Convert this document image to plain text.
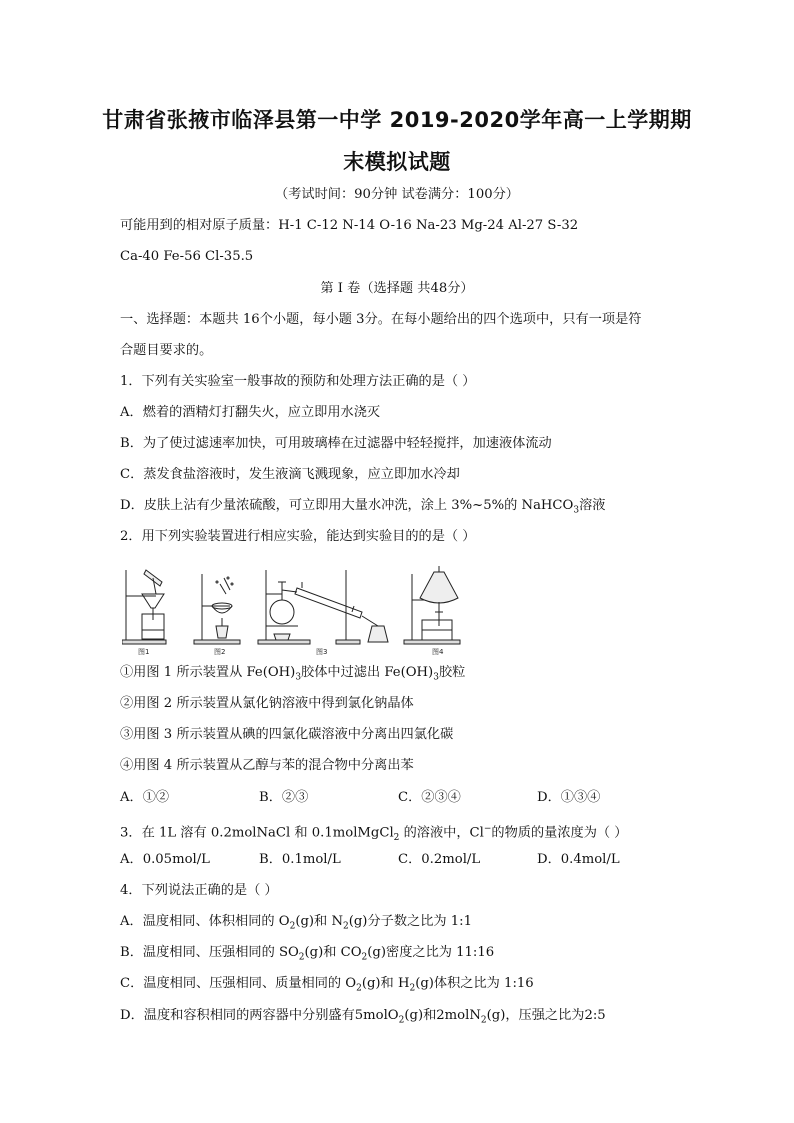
甘肃省张掖市临泽县第一中学 2019-2020学年高一上学期期
末模拟试题
（考试时间：90分钟 试卷满分：100分）
可能用到的相对原子质量：H-1 C-12 N-14 O-16 Na-23 Mg-24 Al-27 S-32
Ca-40 Fe-56 Cl-35.5
第 I 卷（选择题 共48分）
一、选择题：本题共 16个小题，每小题 3分。在每小题给出的四个选项中，只有一项是符
合题目要求的。
1．下列有关实验室一般事故的预防和处理方法正确的是（ ）
A．燃着的酒精灯打翻失火，应立即用水浇灭
B．为了使过滤速率加快，可用玻璃棒在过滤器中轻轻搅拌，加速液体流动
C．蒸发食盐溶液时，发生液滴飞溅现象，应立即加水冷却
D．皮肤上沾有少量浓硫酸，可立即用大量水冲洗，涂上 3%~5%的 NaHCO$_3$溶液
2．用下列实验装置进行相应实验，能达到实验目的的是（ ）
图1	图2	图3	图4
①用图 1 所示装置从 $Fe(OH)_3$胶体中过滤出 $Fe(OH)_3$胶粒
②用图 2 所示装置从氯化钠溶液中得到氯化钠晶体
③用图 3 所示装置从碘的四氯化碳溶液中分离出四氯化碳
④用图 4 所示装置从乙醇与苯的混合物中分离出苯
A．①②	B．②③	C．②③④	D．①③④
3．在 1L 溶有 0.2molNaCl 和 0.1molMgCl$_2$ 的溶液中，Cl−的物质的量浓度为（ ）
A．0.05mol/L	B．0.1mol/L	C．0.2mol/L	D．0.4mol/L
4．下列说法正确的是（ ）
A．温度相同、体积相同的 $O_2(g)$和 $N_2(g)$分子数之比为 1:1
B．温度相同、压强相同的 $SO_2(g)$和 $CO_2(g)$密度之比为 11:16
C．温度相同、压强相同、质量相同的 $O_2(g)$和 $H_2(g)$体积之比为 1:16
D．温度和容积相同的两容器中分别盛有5molO$_2$(g)和2molN$_2$(g)，压强之比为2:5
